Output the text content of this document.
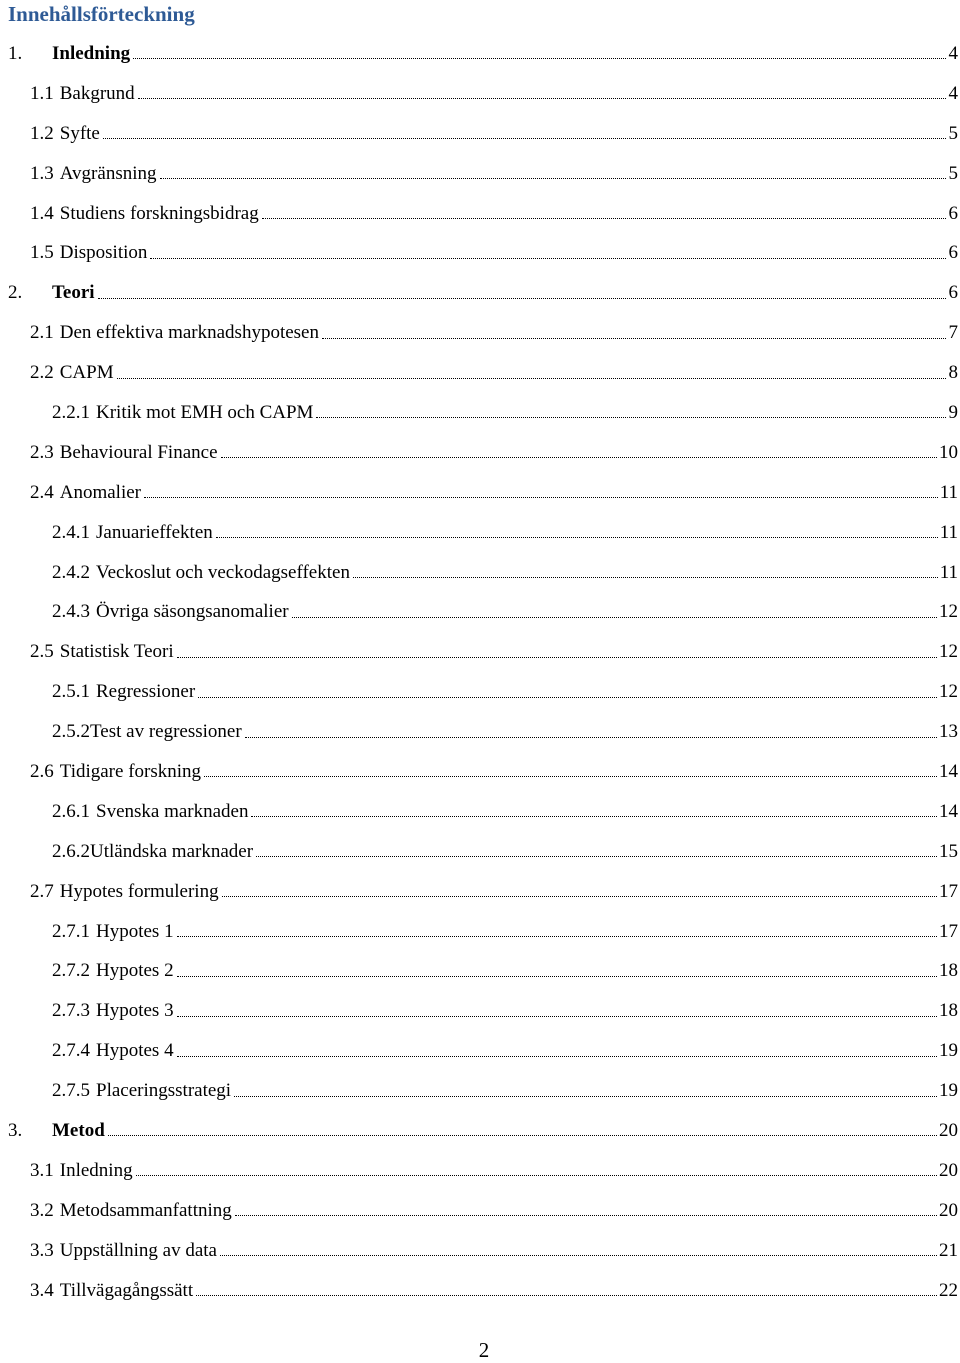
Innehållsförteckning
1.	Inledning	4
1.1 Bakgrund	4
1.2 Syfte	5
1.3 Avgränsning	5
1.4 Studiens forskningsbidrag	6
1.5 Disposition	6
2.	Teori	6
2.1 Den effektiva marknadshypotesen	7
2.2 CAPM	8
2.2.1 Kritik mot EMH och CAPM	9
2.3 Behavioural Finance	10
2.4 Anomalier	11
2.4.1 Januarieffekten	11
2.4.2 Veckoslut och veckodagseffekten	11
2.4.3 Övriga säsongsanomalier	12
2.5 Statistisk Teori	12
2.5.1 Regressioner	12
2.5.2 Test av regressioner	13
2.6 Tidigare forskning	14
2.6.1 Svenska marknaden	14
2.6.2 Utländska marknader	15
2.7 Hypotes formulering	17
2.7.1 Hypotes 1	17
2.7.2 Hypotes 2	18
2.7.3 Hypotes 3	18
2.7.4 Hypotes 4	19
2.7.5 Placeringsstrategi	19
3.	Metod	20
3.1 Inledning	20
3.2 Metodsammanfattning	20
3.3 Uppställning av data	21
3.4 Tillvägagångssätt	22

2
